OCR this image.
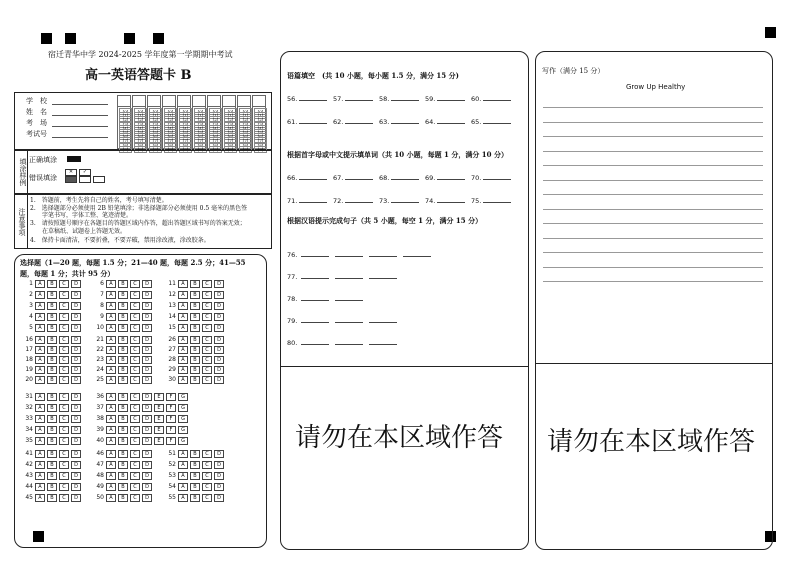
宿迁青华中学 2024-2025 学年度第一学期期中考试
高一英语答题卡 B
学　校
姓　名
考　场
考试号
[0]
[1]
[2]
[3]
[4]
[5]
[6]
[7]
[8]
[9]
[0]
[1]
[2]
[3]
[4]
[5]
[6]
[7]
[8]
[9]
[0]
[1]
[2]
[3]
[4]
[5]
[6]
[7]
[8]
[9]
[0]
[1]
[2]
[3]
[4]
[5]
[6]
[7]
[8]
[9]
[0]
[1]
[2]
[3]
[4]
[5]
[6]
[7]
[8]
[9]
[0]
[1]
[2]
[3]
[4]
[5]
[6]
[7]
[8]
[9]
[0]
[1]
[2]
[3]
[4]
[5]
[6]
[7]
[8]
[9]
[0]
[1]
[2]
[3]
[4]
[5]
[6]
[7]
[8]
[9]
[0]
[1]
[2]
[3]
[4]
[5]
[6]
[7]
[8]
[9]
[0]
[1]
[2]
[3]
[4]
[5]
[6]
[7]
[8]
[9]
填涂样例 正确填涂
错误填涂
✕ ✓

注意事项
1.　答题前，考生先将自己的姓名，考号填写清楚。
2.　选择题部分必须使用 2B 铅笔填涂；非选择题部分必须使用 0.5 毫米的黑色签
　　字笔书写，字体工整、笔迹清楚。
3.　请按照题号顺序在各题目的答题区域内作答，超出答题区域书写的答案无效；
　　在草稿纸、试题卷上答题无效。
4.　保持卡面清洁，不要折叠，不要弄破，禁用涂改液，涂改胶条。
选择题（1—20 题，每题 1.5 分；21—40 题，每题 2.5 分；41—55
题，每题 1 分；共计 95 分）
1 A B C D
2 A B C D
3 A B C D
4 A B C D
5 A B C D
6 A B C D
7 A B C D
8 A B C D
9 A B C D
10 A B C D
11 A B C D
12 A B C D
13 A B C D
14 A B C D
15 A B C D
16 A B C D
17 A B C D
18 A B C D
19 A B C D
20 A B C D
21 A B C D
22 A B C D
23 A B C D
24 A B C D
25 A B C D
26 A B C D
27 A B C D
28 A B C D
29 A B C D
30 A B C D
31 A B C D
32 A B C D
33 A B C D
34 A B C D
35 A B C D
36 A B C D E F G
37 A B C D E F G
38 A B C D E F G
39 A B C D E F G
40 A B C D E F G
41 A B C D
42 A B C D
43 A B C D
44 A B C D
45 A B C D
46 A B C D
47 A B C D
48 A B C D
49 A B C D
50 A B C D
51 A B C D
52 A B C D
53 A B C D
54 A B C D
55 A B C D
语篇填空　(共 10 小题，每小题 1.5 分，满分 15 分)
56.	57.	58.	59.	60.
61.	62.	63.	64.	65.
根据首字母或中文提示填单词（共 10 小题，每题 1 分，满分 10 分）
66.	67.	68.	69.	70.
71.	72.	73.	74.	75.
根据汉语提示完成句子（共 5 小题，每空 1 分，满分 15 分）
76.
77.
78.
79.
80.
请勿在本区域作答
写作（满分 15 分）
Grow Up Healthy
请勿在本区域作答
